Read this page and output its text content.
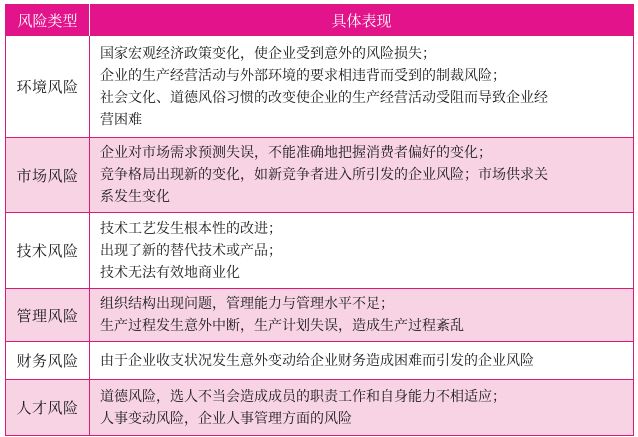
风险类型	具体表现
环境风险	国家宏观经济政策变化，使企业受到意外的风险损失；
企业的生产经营活动与外部环境的要求相违背而受到的制裁风险；
社会文化、道德风俗习惯的改变使企业的生产经营活动受阻而导致企业经
营困难

市场风险	企业对市场需求预测失误，不能准确地把握消费者偏好的变化；
竞争格局出现新的变化，如新竞争者进入所引发的企业风险；市场供求关
系发生变化

技术风险	技术工艺发生根本性的改进；
出现了新的替代技术或产品；
技术无法有效地商业化

管理风险	组织结构出现问题，管理能力与管理水平不足；
生产过程发生意外中断，生产计划失误，造成生产过程紊乱

财务风险	由于企业收支状况发生意外变动给企业财务造成困难而引发的企业风险

人才风险	道德风险，选人不当会造成成员的职责工作和自身能力不相适应；
人事变动风险，企业人事管理方面的风险
